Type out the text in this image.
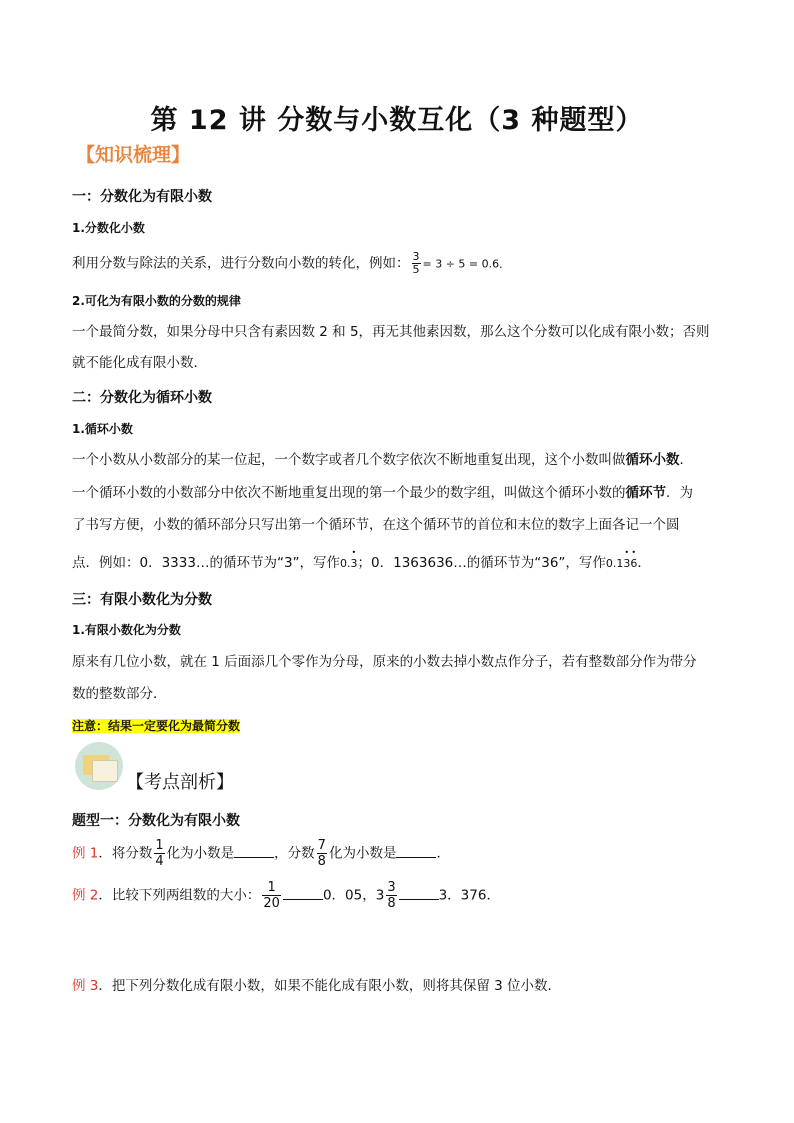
第 12 讲 分数与小数互化（3 种题型）
【知识梳理】
一：分数化为有限小数
1.分数化小数
利用分数与除法的关系，进行分数向小数的转化，例如： $\frac{3}{5} = 3 \div 5 = 0.6$．
2.可化为有限小数的分数的规律
一个最简分数，如果分母中只含有素因数 2 和 5，再无其他素因数，那么这个分数可以化成有限小数；否则
就不能化成有限小数．
二：分数化为循环小数
1.循环小数
一个小数从小数部分的某一位起，一个数字或者几个数字依次不断地重复出现，这个小数叫做循环小数．
一个循环小数的小数部分中依次不断地重复出现的第一个最少的数字组，叫做这个循环小数的循环节．为
了书写方便，小数的循环部分只写出第一个循环节，在这个循环节的首位和末位的数字上面各记一个圆
点．例如：0．3333…的循环节为“3”，写作0.• 3；0．1363636…的循环节为“36”，写作0.1• 3• 6．
三：有限小数化为分数
1.有限小数化为分数
原来有几位小数，就在 1 后面添几个零作为分母，原来的小数去掉小数点作分子，若有整数部分作为带分
数的整数部分．
注意：结果一定要化为最简分数
【考点剖析】
题型一：分数化为有限小数
例 1．将分数 $\frac{1}{4}$ 化为小数是	，分数 $\frac{7}{8}$ 化为小数是	．
例 2．比较下列两组数的大小： $\frac{1}{20}$	0．05，$3 \frac{3}{8}$	3．376．
例 3．把下列分数化成有限小数，如果不能化成有限小数，则将其保留 3 位小数．
